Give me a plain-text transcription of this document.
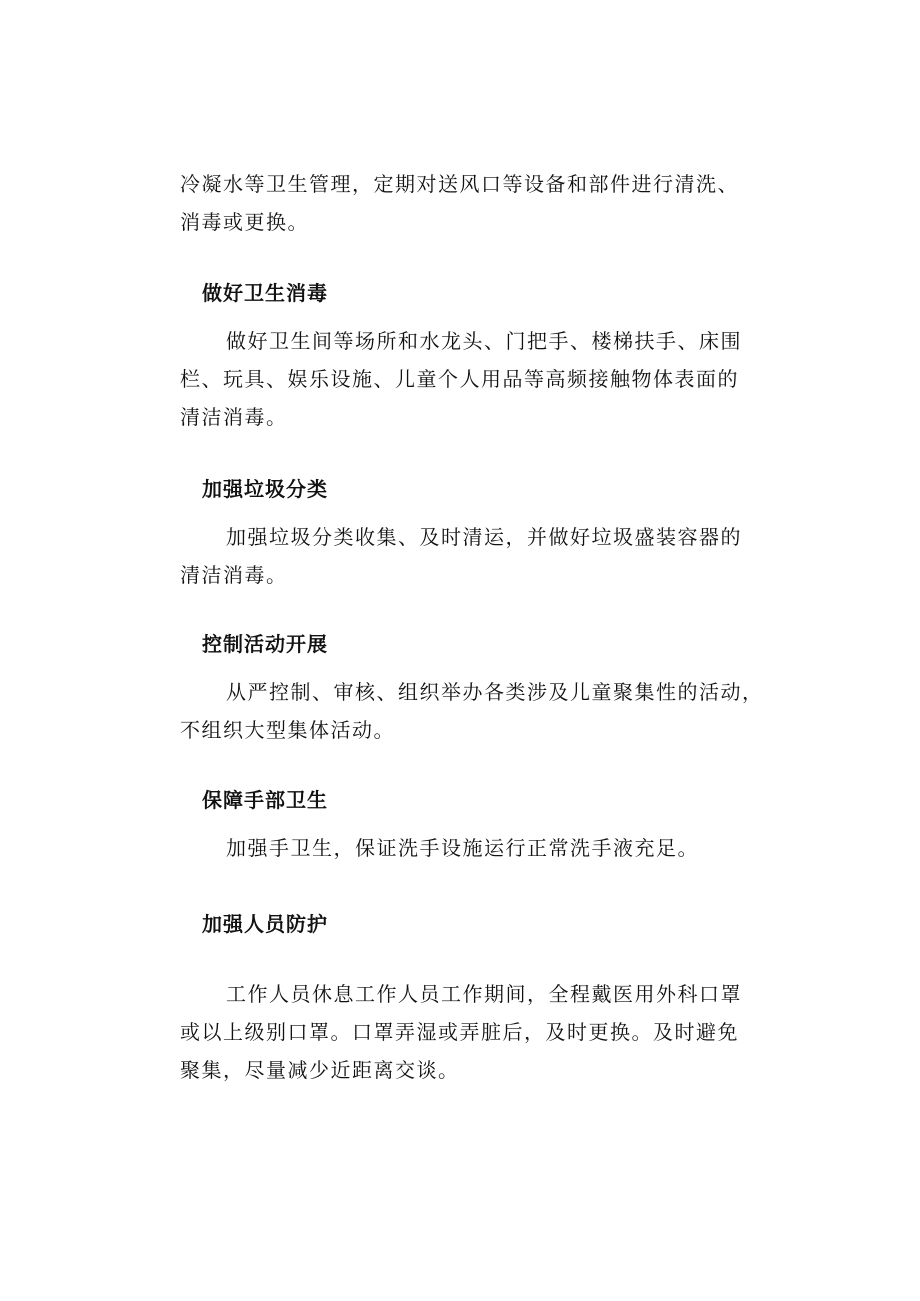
冷凝水等卫生管理，定期对送风口等设备和部件进行清洗、
消毒或更换。
做好卫生消毒
做好卫生间等场所和水龙头、门把手、楼梯扶手、床围
栏、玩具、娱乐设施、儿童个人用品等高频接触物体表面的
清洁消毒。
加强垃圾分类
加强垃圾分类收集、及时清运，并做好垃圾盛装容器的
清洁消毒。
控制活动开展
从严控制、审核、组织举办各类涉及儿童聚集性的活动，
不组织大型集体活动。
保障手部卫生
加强手卫生，保证洗手设施运行正常洗手液充足。
加强人员防护
工作人员休息工作人员工作期间，全程戴医用外科口罩
或以上级别口罩。口罩弄湿或弄脏后，及时更换。及时避免
聚集，尽量减少近距离交谈。
